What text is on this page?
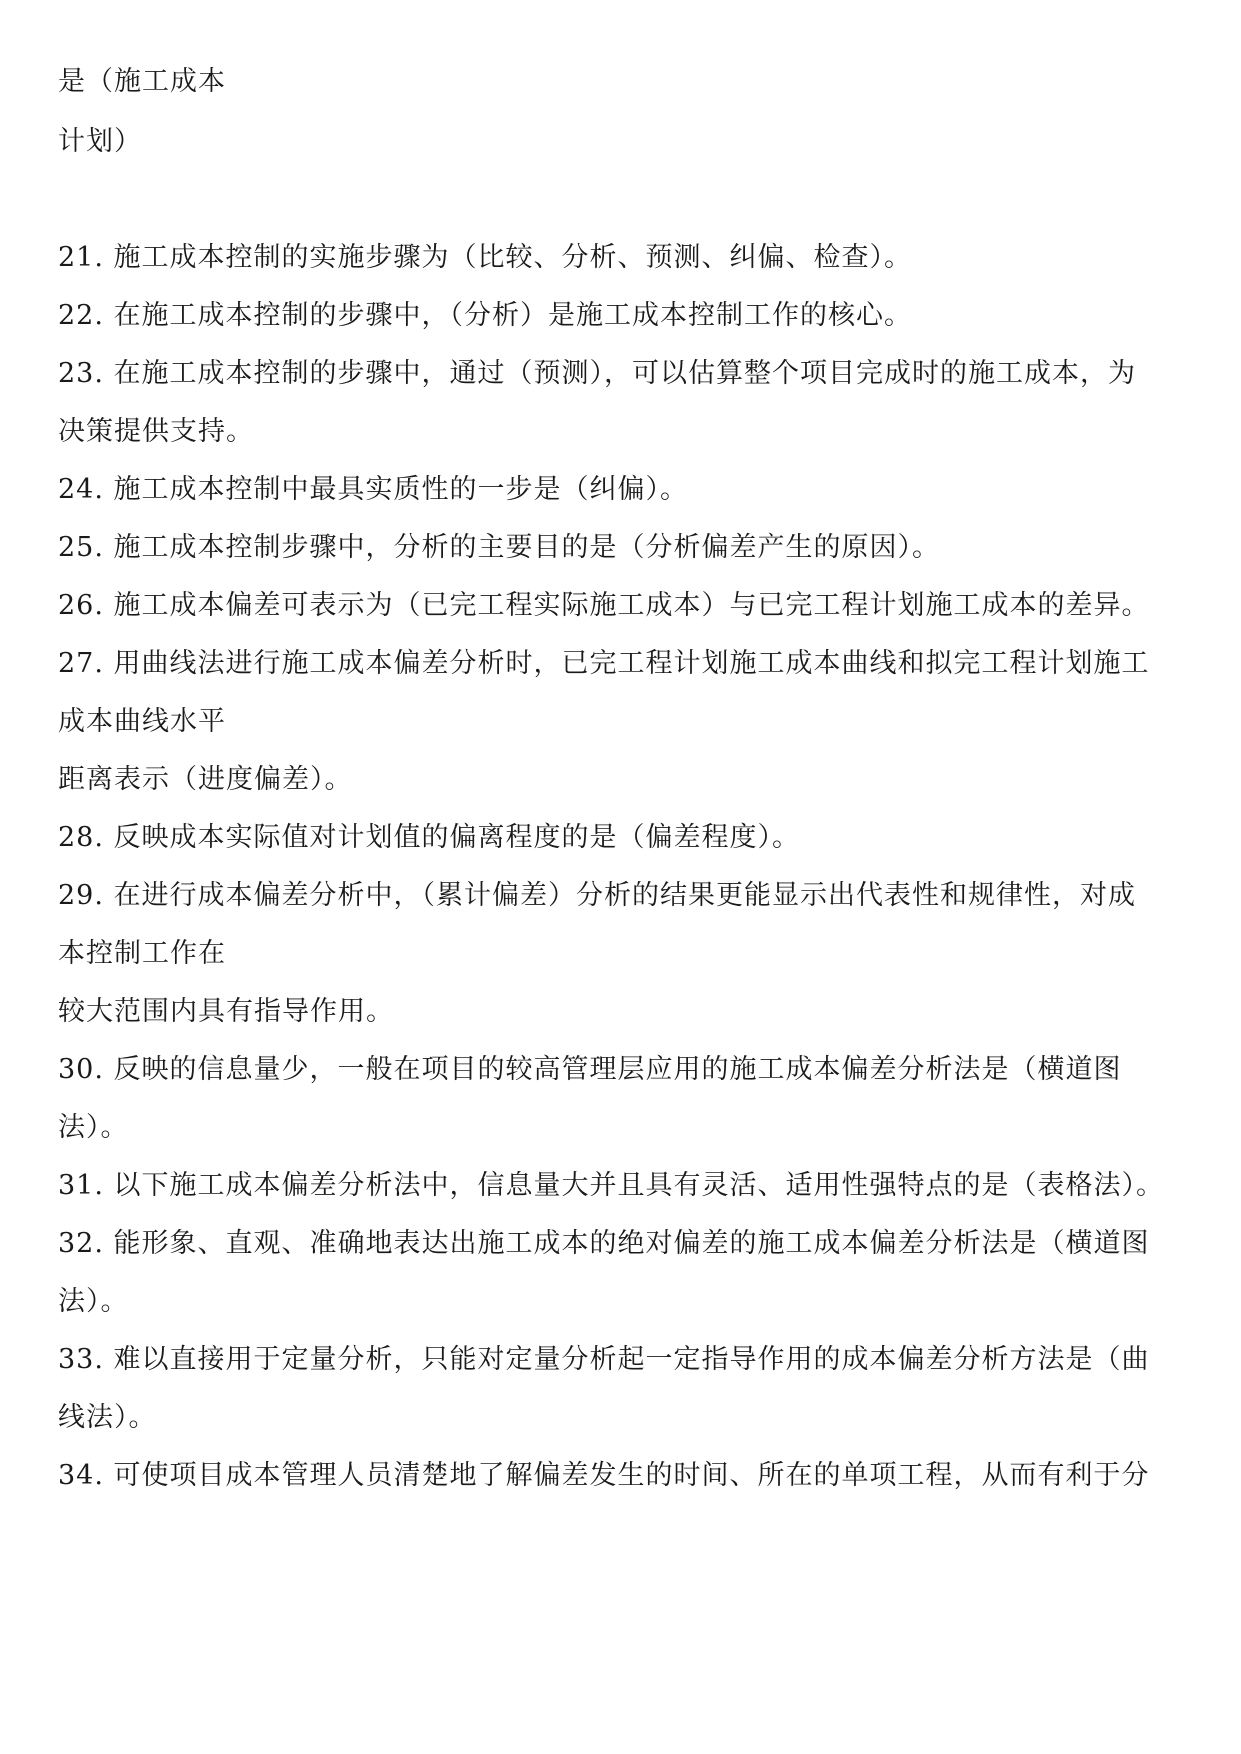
是（施工成本
计划）
21. 施工成本控制的实施步骤为（比较、分析、预测、纠偏、检查）。
22. 在施工成本控制的步骤中，（分析）是施工成本控制工作的核心。
23. 在施工成本控制的步骤中，通过（预测），可以估算整个项目完成时的施工成本，为
决策提供支持。
24. 施工成本控制中最具实质性的一步是（纠偏）。
25. 施工成本控制步骤中，分析的主要目的是（分析偏差产生的原因）。
26. 施工成本偏差可表示为（已完工程实际施工成本）与已完工程计划施工成本的差异。
27. 用曲线法进行施工成本偏差分析时，已完工程计划施工成本曲线和拟完工程计划施工
成本曲线水平
距离表示（进度偏差）。
28. 反映成本实际值对计划值的偏离程度的是（偏差程度）。
29. 在进行成本偏差分析中，（累计偏差）分析的结果更能显示出代表性和规律性，对成
本控制工作在
较大范围内具有指导作用。
30. 反映的信息量少，一般在项目的较高管理层应用的施工成本偏差分析法是（横道图
法）。
31. 以下施工成本偏差分析法中，信息量大并且具有灵活、适用性强特点的是（表格法）。
32. 能形象、直观、准确地表达出施工成本的绝对偏差的施工成本偏差分析法是（横道图
法）。
33. 难以直接用于定量分析，只能对定量分析起一定指导作用的成本偏差分析方法是（曲
线法）。
34. 可使项目成本管理人员清楚地了解偏差发生的时间、所在的单项工程，从而有利于分
